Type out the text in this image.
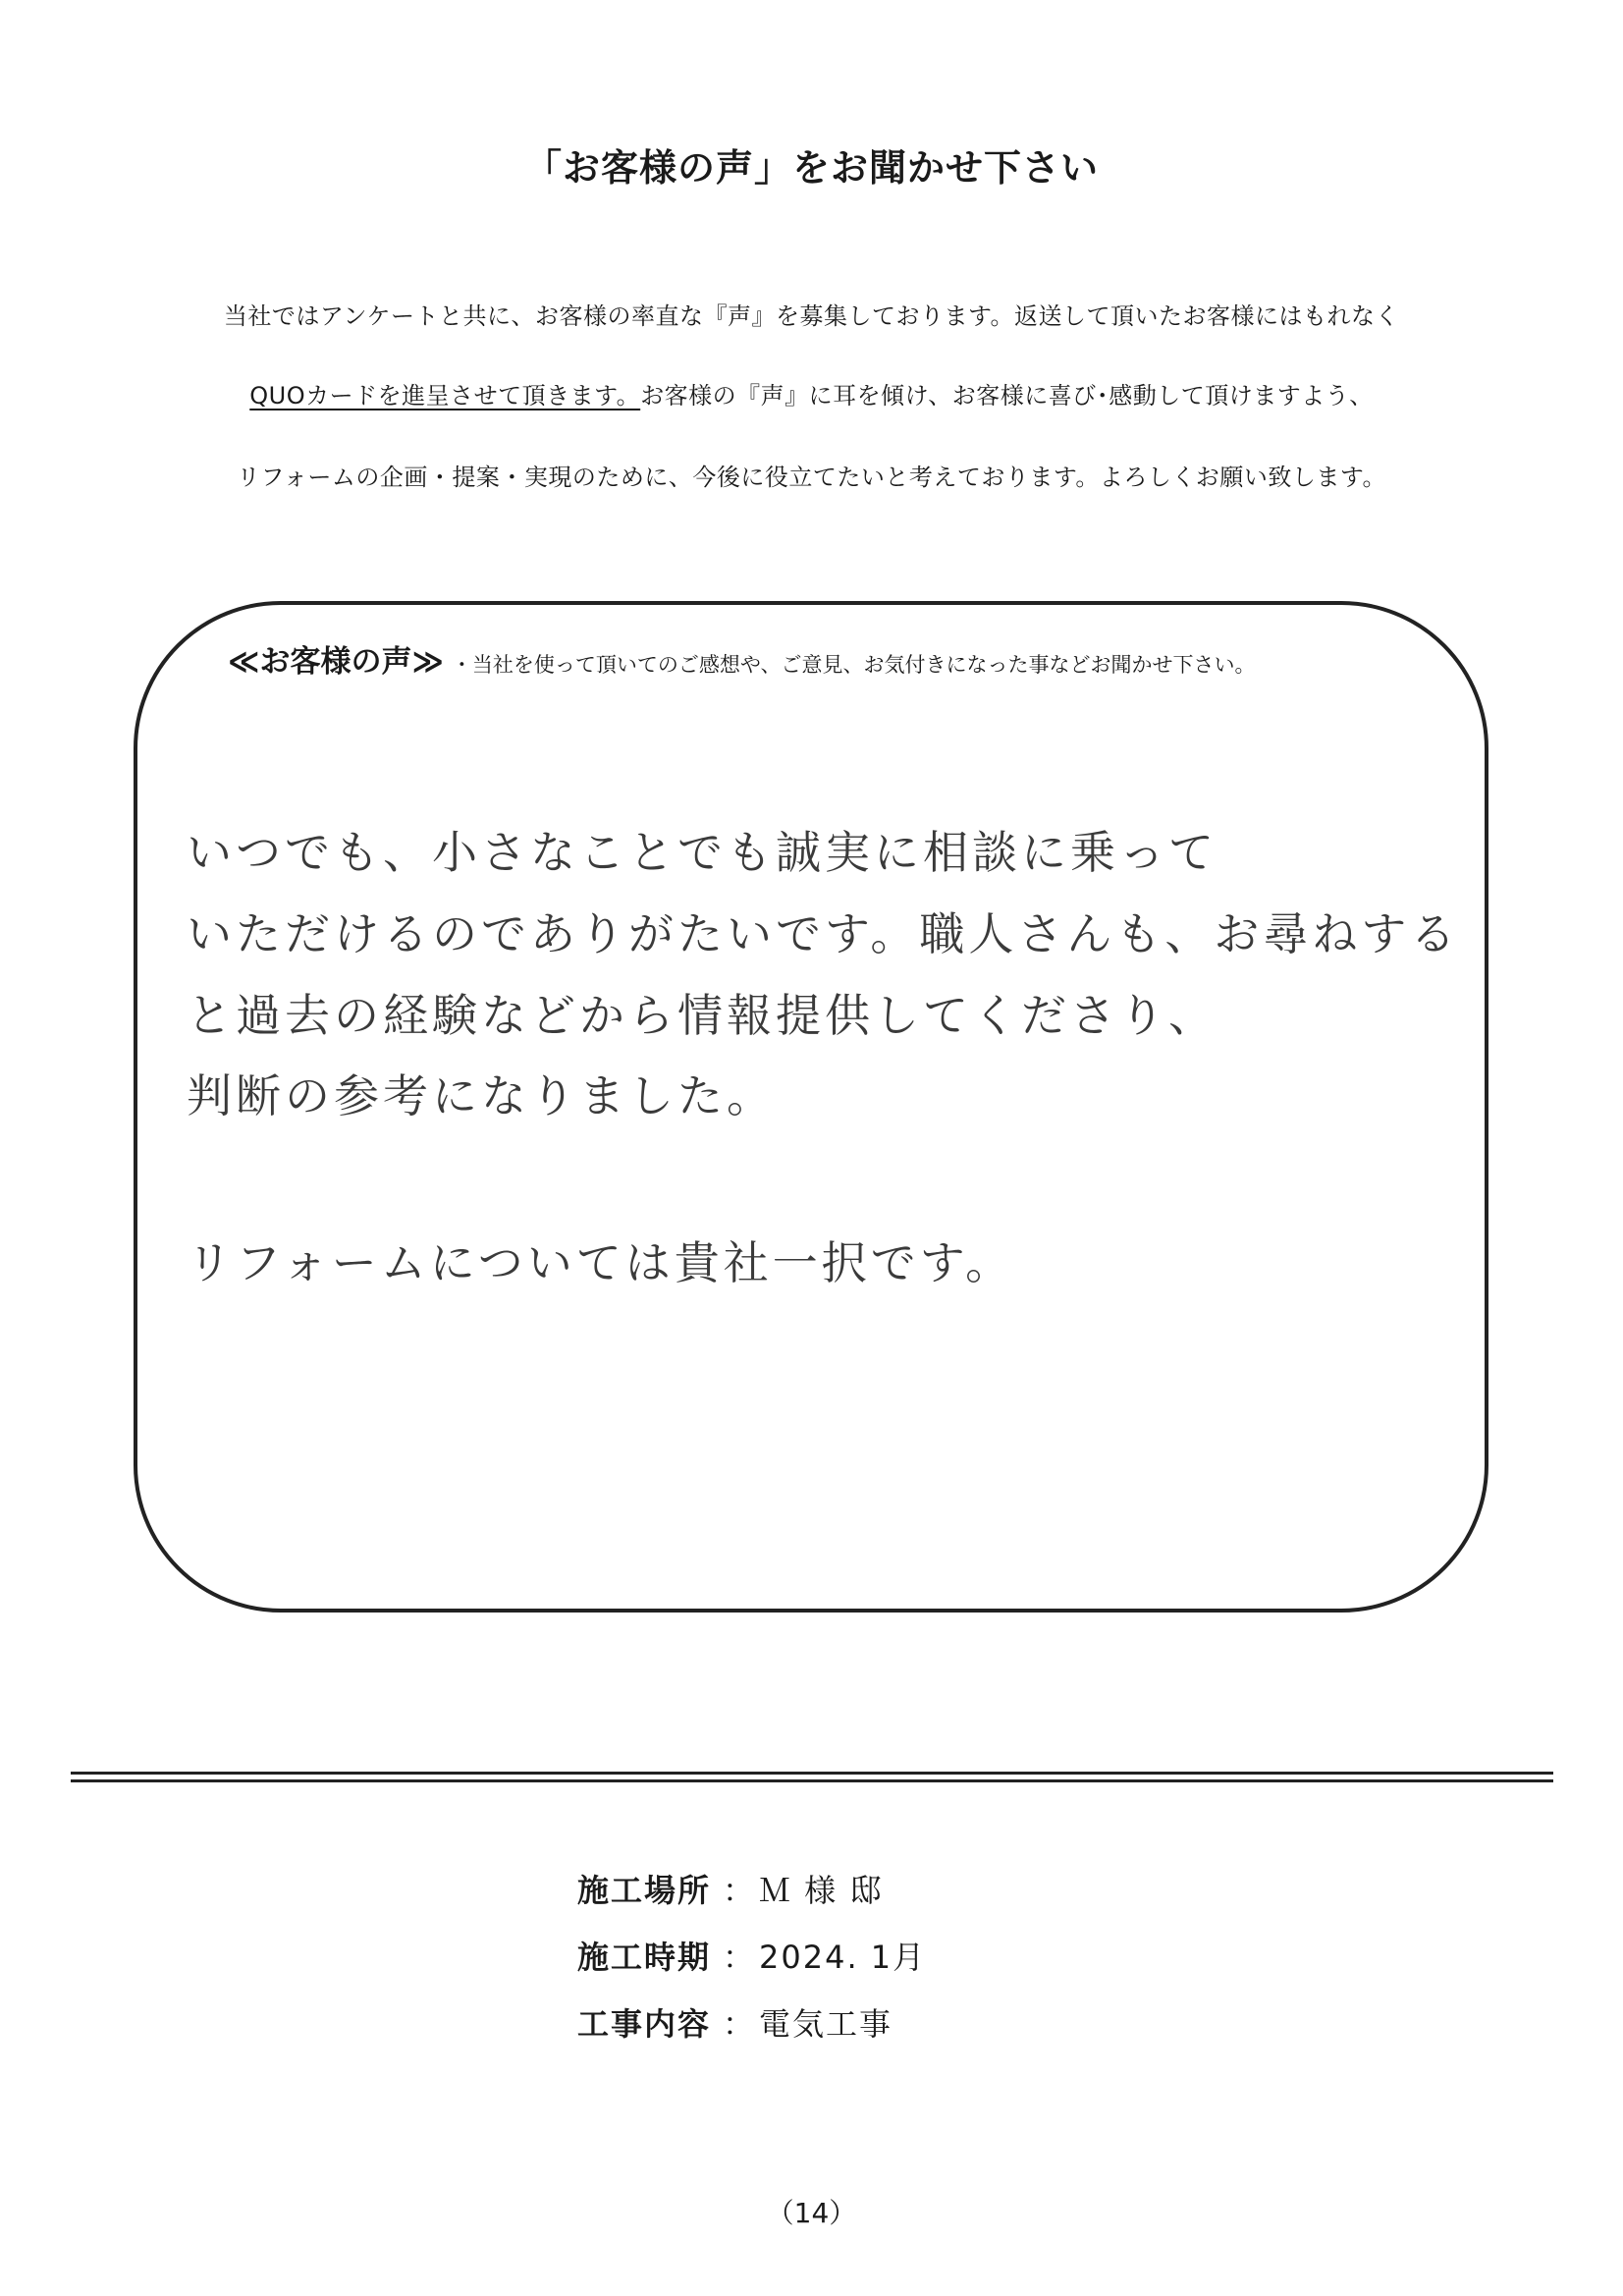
「お客様の声」をお聞かせ下さい
当社ではアンケートと共に、お客様の率直な『声』を募集しております。返送して頂いたお客様にはもれなく
QUOカードを進呈させて頂きます。お客様の『声』に耳を傾け、お客様に喜び･感動して頂けますよう、
リフォームの企画・提案・実現のために、今後に役立てたいと考えております。よろしくお願い致します。
≪お客様の声≫ ・当社を使って頂いてのご感想や、ご意見、お気付きになった事などお聞かせ下さい。
いつでも、小さなことでも誠実に相談に乗って
いただけるのでありがたいです。職人さんも、お尋ねする
と過去の経験などから情報提供してくださり、
判断の参考になりました。
リフォームについては貴社一択です。
施工場所 ：Ｍ 様 邸
施工時期 ：2024. 1月
工事内容 ：電気工事
（14）
